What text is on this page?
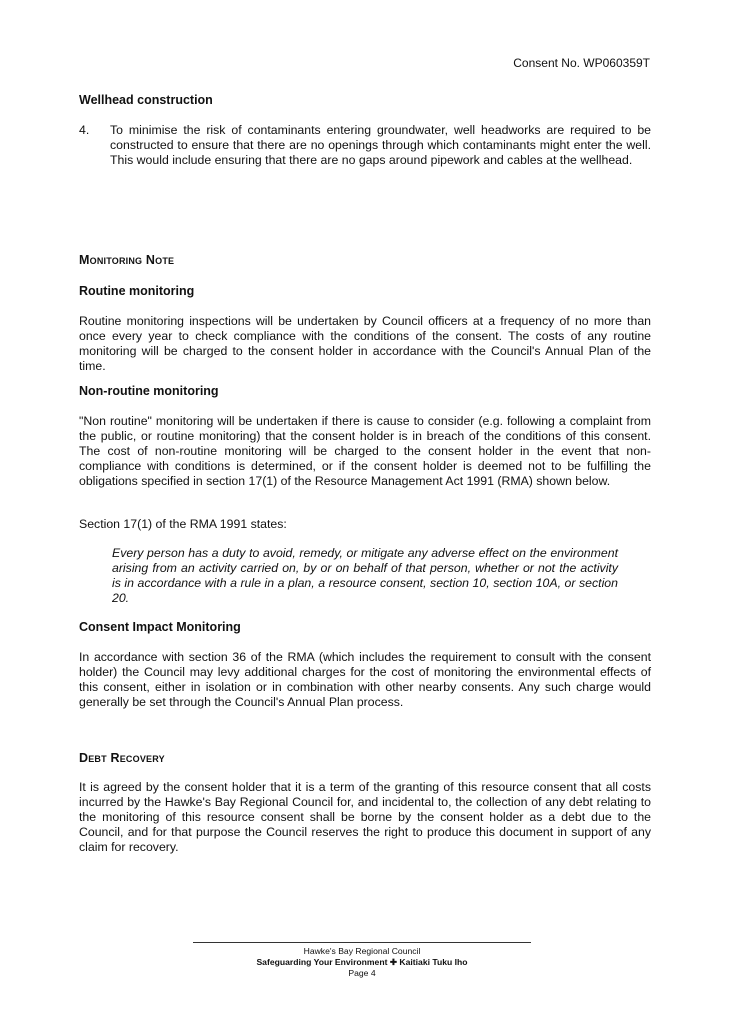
Consent No. WP060359T
Wellhead construction
4. To minimise the risk of contaminants entering groundwater, well headworks are required to be constructed to ensure that there are no openings through which contaminants might enter the well. This would include ensuring that there are no gaps around pipework and cables at the wellhead.
Monitoring Note
Routine monitoring
Routine monitoring inspections will be undertaken by Council officers at a frequency of no more than once every year to check compliance with the conditions of the consent. The costs of any routine monitoring will be charged to the consent holder in accordance with the Council's Annual Plan of the time.
Non-routine monitoring
"Non routine" monitoring will be undertaken if there is cause to consider (e.g. following a complaint from the public, or routine monitoring) that the consent holder is in breach of the conditions of this consent. The cost of non-routine monitoring will be charged to the consent holder in the event that non-compliance with conditions is determined, or if the consent holder is deemed not to be fulfilling the obligations specified in section 17(1) of the Resource Management Act 1991 (RMA) shown below.
Section 17(1) of the RMA 1991 states:
Every person has a duty to avoid, remedy, or mitigate any adverse effect on the environment arising from an activity carried on, by or on behalf of that person, whether or not the activity is in accordance with a rule in a plan, a resource consent, section 10, section 10A, or section 20.
Consent Impact Monitoring
In accordance with section 36 of the RMA (which includes the requirement to consult with the consent holder) the Council may levy additional charges for the cost of monitoring the environmental effects of this consent, either in isolation or in combination with other nearby consents. Any such charge would generally be set through the Council's Annual Plan process.
Debt Recovery
It is agreed by the consent holder that it is a term of the granting of this resource consent that all costs incurred by the Hawke's Bay Regional Council for, and incidental to, the collection of any debt relating to the monitoring of this resource consent shall be borne by the consent holder as a debt due to the Council, and for that purpose the Council reserves the right to produce this document in support of any claim for recovery.
Hawke's Bay Regional Council
Safeguarding Your Environment ✚ Kaitiaki Tuku Iho
Page 4
